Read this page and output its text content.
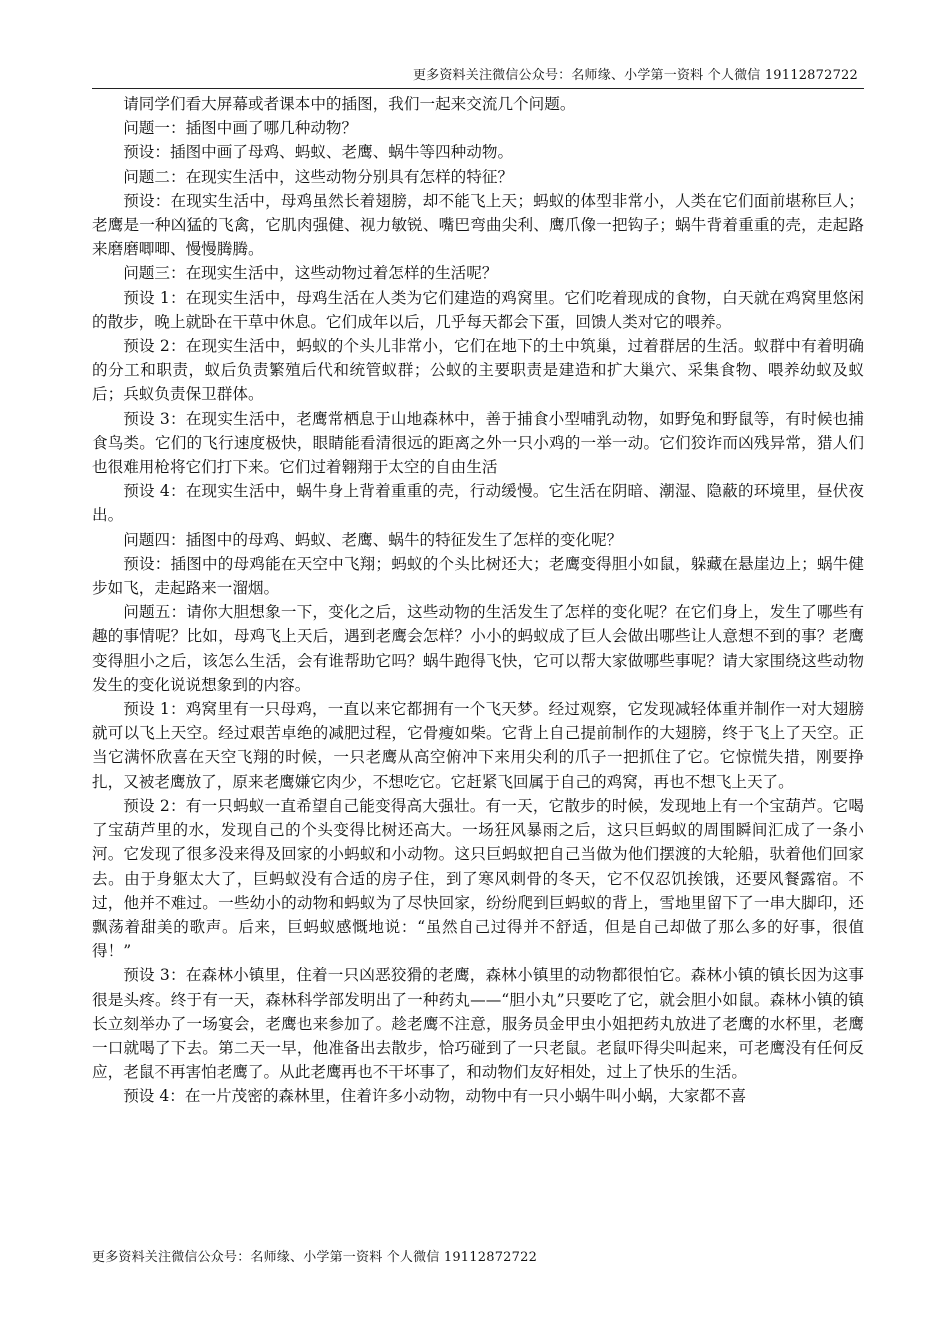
更多资料关注微信公众号：名师缘、小学第一资料 个人微信 19112872722

请同学们看大屏幕或者课本中的插图，我们一起来交流几个问题。

问题一：插图中画了哪几种动物？

预设：插图中画了母鸡、蚂蚁、老鹰、蜗牛等四种动物。

问题二：在现实生活中，这些动物分别具有怎样的特征？

预设：在现实生活中，母鸡虽然长着翅膀，却不能飞上天；蚂蚁的体型非常小，人类在它们面前堪称巨人；老鹰是一种凶猛的飞禽，它肌肉强健、视力敏锐、嘴巴弯曲尖利、鹰爪像一把钩子；蜗牛背着重重的壳，走起路来磨磨唧唧、慢慢腾腾。

问题三：在现实生活中，这些动物过着怎样的生活呢？

预设 1：在现实生活中，母鸡生活在人类为它们建造的鸡窝里。它们吃着现成的食物，白天就在鸡窝里悠闲的散步，晚上就卧在干草中休息。它们成年以后，几乎每天都会下蛋，回馈人类对它的喂养。

预设 2：在现实生活中，蚂蚁的个头儿非常小，它们在地下的土中筑巢，过着群居的生活。蚁群中有着明确的分工和职责，蚁后负责繁殖后代和统管蚁群；公蚁的主要职责是建造和扩大巢穴、采集食物、喂养幼蚁及蚁后；兵蚁负责保卫群体。

预设 3：在现实生活中，老鹰常栖息于山地森林中，善于捕食小型哺乳动物，如野兔和野鼠等，有时候也捕食鸟类。它们的飞行速度极快，眼睛能看清很远的距离之外一只小鸡的一举一动。它们狡诈而凶残异常，猎人们也很难用枪将它们打下来。它们过着翱翔于太空的自由生活

预设 4：在现实生活中，蜗牛身上背着重重的壳，行动缓慢。它生活在阴暗、潮湿、隐蔽的环境里，昼伏夜出。

问题四：插图中的母鸡、蚂蚁、老鹰、蜗牛的特征发生了怎样的变化呢？

预设：插图中的母鸡能在天空中飞翔；蚂蚁的个头比树还大；老鹰变得胆小如鼠，躲藏在悬崖边上；蜗牛健步如飞，走起路来一溜烟。

问题五：请你大胆想象一下，变化之后，这些动物的生活发生了怎样的变化呢？在它们身上，发生了哪些有趣的事情呢？比如，母鸡飞上天后，遇到老鹰会怎样？小小的蚂蚁成了巨人会做出哪些让人意想不到的事？老鹰变得胆小之后，该怎么生活，会有谁帮助它吗？蜗牛跑得飞快，它可以帮大家做哪些事呢？请大家围绕这些动物发生的变化说说想象到的内容。

预设 1：鸡窝里有一只母鸡，一直以来它都拥有一个飞天梦。经过观察，它发现减轻体重并制作一对大翅膀就可以飞上天空。经过艰苦卓绝的减肥过程，它骨瘦如柴。它背上自己提前制作的大翅膀，终于飞上了天空。正当它满怀欣喜在天空飞翔的时候，一只老鹰从高空俯冲下来用尖利的爪子一把抓住了它。它惊慌失措，刚要挣扎，又被老鹰放了，原来老鹰嫌它肉少，不想吃它。它赶紧飞回属于自己的鸡窝，再也不想飞上天了。

预设 2：有一只蚂蚁一直希望自己能变得高大强壮。有一天，它散步的时候，发现地上有一个宝葫芦。它喝了宝葫芦里的水，发现自己的个头变得比树还高大。一场狂风暴雨之后，这只巨蚂蚁的周围瞬间汇成了一条小河。它发现了很多没来得及回家的小蚂蚁和小动物。这只巨蚂蚁把自己当做为他们摆渡的大轮船，驮着他们回家去。由于身躯太大了，巨蚂蚁没有合适的房子住，到了寒风刺骨的冬天，它不仅忍饥挨饿，还要风餐露宿。不过，他并不难过。一些幼小的动物和蚂蚁为了尽快回家，纷纷爬到巨蚂蚁的背上，雪地里留下了一串大脚印，还飘荡着甜美的歌声。后来，巨蚂蚁感慨地说：“虽然自己过得并不舒适，但是自己却做了那么多的好事，很值得！”

预设 3：在森林小镇里，住着一只凶恶狡猾的老鹰，森林小镇里的动物都很怕它。森林小镇的镇长因为这事很是头疼。终于有一天，森林科学部发明出了一种药丸——“胆小丸”只要吃了它，就会胆小如鼠。森林小镇的镇长立刻举办了一场宴会，老鹰也来参加了。趁老鹰不注意，服务员金甲虫小姐把药丸放进了老鹰的水杯里，老鹰一口就喝了下去。第二天一早，他准备出去散步，恰巧碰到了一只老鼠。老鼠吓得尖叫起来，可老鹰没有任何反应，老鼠不再害怕老鹰了。从此老鹰再也不干坏事了，和动物们友好相处，过上了快乐的生活。

预设 4：在一片茂密的森林里，住着许多小动物，动物中有一只小蜗牛叫小蜗，大家都不喜

更多资料关注微信公众号：名师缘、小学第一资料 个人微信 19112872722
